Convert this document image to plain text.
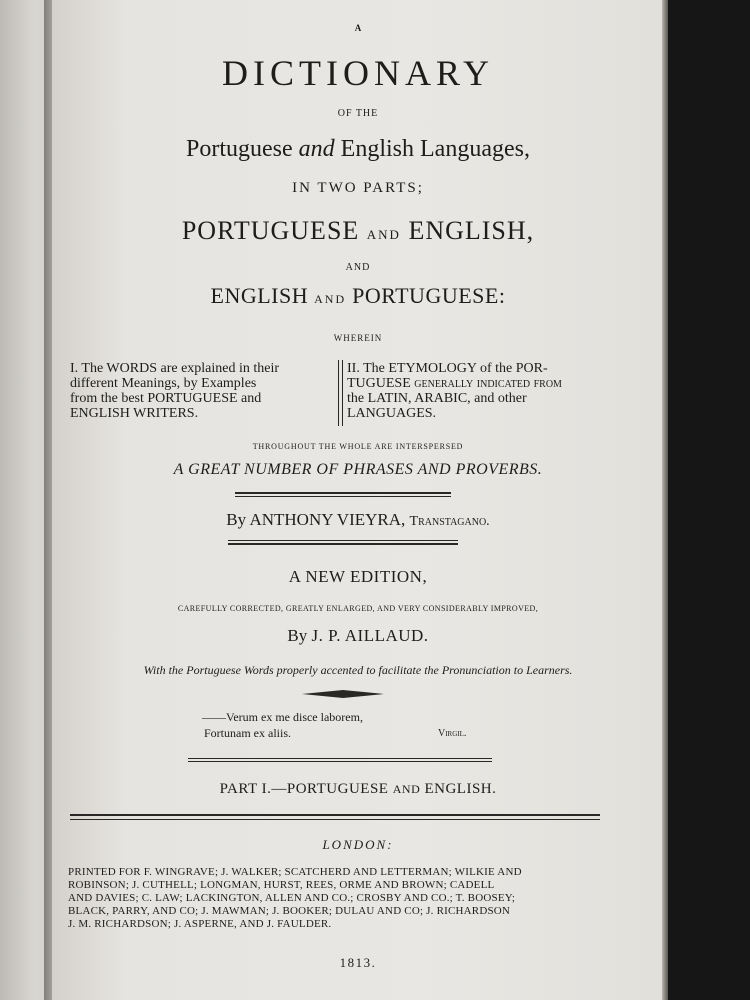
A
DICTIONARY
OF THE
Portuguese and English Languages,
IN TWO PARTS;
PORTUGUESE AND ENGLISH,
AND
ENGLISH AND PORTUGUESE:
WHEREIN
I. The WORDS are explained in their
different Meanings, by Examples
from the best PORTUGUESE and
ENGLISH WRITERS.
II. The ETYMOLOGY of the POR-
TUGUESE generally indicated from
the LATIN, ARABIC, and other
LANGUAGES.
THROUGHOUT THE WHOLE ARE INTERSPERSED
A GREAT NUMBER OF PHRASES AND PROVERBS.
By ANTHONY VIEYRA, Transtagano.
A NEW EDITION,
CAREFULLY CORRECTED, GREATLY ENLARGED, AND VERY CONSIDERABLY IMPROVED,
By J. P. AILLAUD.
With the Portuguese Words properly accented to facilitate the Pronunciation to Learners.
——Verum ex me disce laborem,
Fortunam ex aliis.	Virgil.
PART I.—PORTUGUESE AND ENGLISH.
LONDON:
PRINTED FOR F. WINGRAVE; J. WALKER; SCATCHERD AND LETTERMAN; WILKIE AND
ROBINSON; J. CUTHELL; LONGMAN, HURST, REES, ORME AND BROWN; CADELL
AND DAVIES; C. LAW; LACKINGTON, ALLEN AND CO.; CROSBY AND CO.; T. BOOSEY;
BLACK, PARRY, AND CO; J. MAWMAN; J. BOOKER; DULAU AND CO; J. RICHARDSON
J. M. RICHARDSON; J. ASPERNE, AND J. FAULDER.
1813.
